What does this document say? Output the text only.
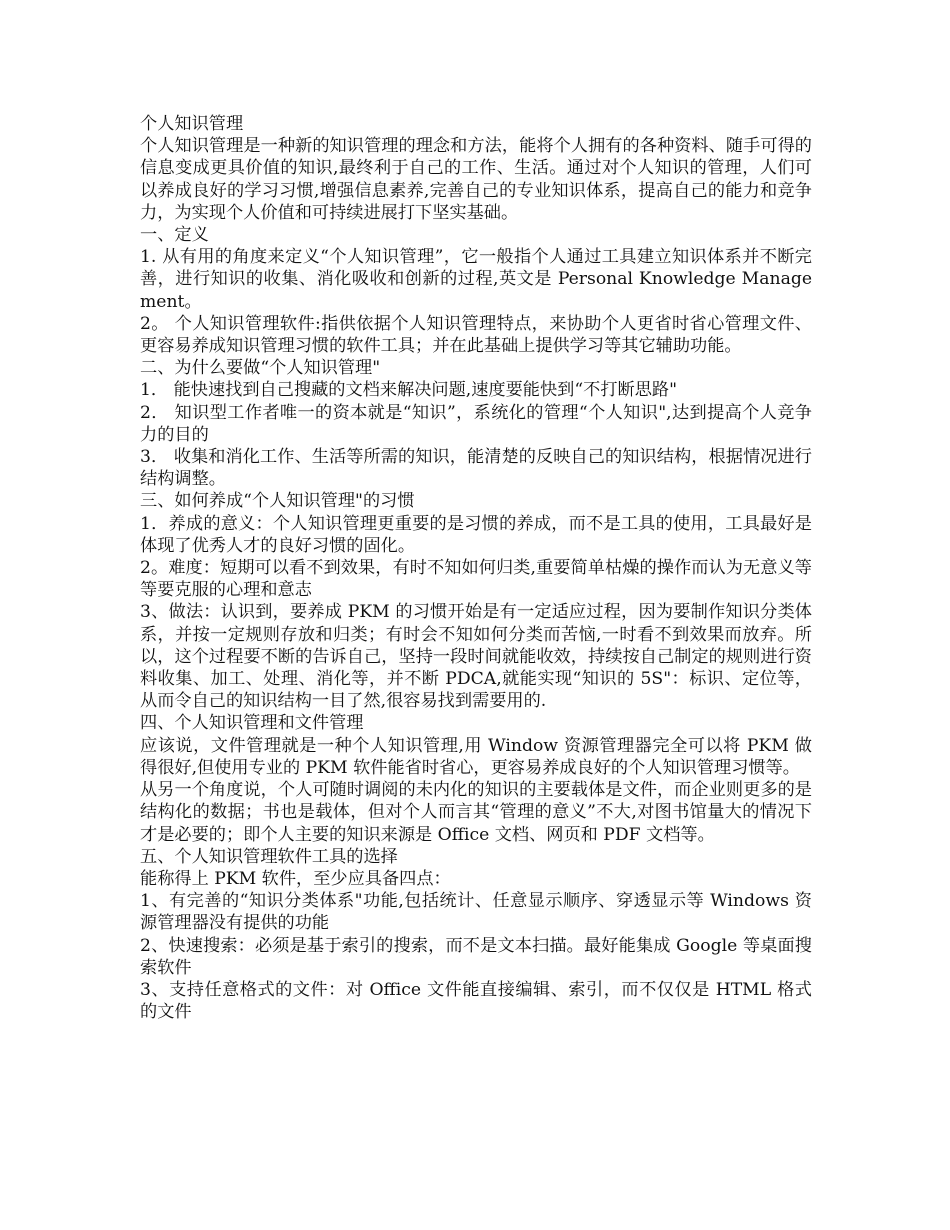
个人知识管理

个人知识管理是一种新的知识管理的理念和方法，能将个人拥有的各种资料、随手可得的信息变成更具价值的知识,最终利于自己的工作、生活。通过对个人知识的管理，人们可以养成良好的学习习惯,增强信息素养,完善自己的专业知识体系，提高自己的能力和竞争力，为实现个人价值和可持续进展打下坚实基础。

一、定义

1. 从有用的角度来定义“个人知识管理”，它一般指个人通过工具建立知识体系并不断完善，进行知识的收集、消化吸收和创新的过程,英文是 Personal Knowledge Management。

2。 个人知识管理软件:指供依据个人知识管理特点，来协助个人更省时省心管理文件、更容易养成知识管理习惯的软件工具；并在此基础上提供学习等其它辅助功能。

二、为什么要做“个人知识管理"

1． 能快速找到自己搜藏的文档来解决问题,速度要能快到“不打断思路"

2． 知识型工作者唯一的资本就是“知识”，系统化的管理“个人知识",达到提高个人竞争力的目的

3． 收集和消化工作、生活等所需的知识，能清楚的反映自己的知识结构，根据情况进行结构调整。

三、如何养成“个人知识管理"的习惯

1．养成的意义：个人知识管理更重要的是习惯的养成，而不是工具的使用，工具最好是体现了优秀人才的良好习惯的固化。

2。难度：短期可以看不到效果，有时不知如何归类,重要简单枯燥的操作而认为无意义等等要克服的心理和意志

3、做法：认识到，要养成 PKM 的习惯开始是有一定适应过程，因为要制作知识分类体系，并按一定规则存放和归类；有时会不知如何分类而苦恼,一时看不到效果而放弃。所以，这个过程要不断的告诉自己，坚持一段时间就能收效，持续按自己制定的规则进行资料收集、加工、处理、消化等，并不断 PDCA,就能实现“知识的 5S"：标识、定位等，从而令自己的知识结构一目了然,很容易找到需要用的.

四、个人知识管理和文件管理

应该说，文件管理就是一种个人知识管理,用 Window 资源管理器完全可以将 PKM 做得很好,但使用专业的 PKM 软件能省时省心，更容易养成良好的个人知识管理习惯等。

从另一个角度说，个人可随时调阅的未内化的知识的主要载体是文件，而企业则更多的是结构化的数据；书也是载体，但对个人而言其“管理的意义”不大,对图书馆量大的情况下才是必要的；即个人主要的知识来源是 Office 文档、网页和 PDF 文档等。

五、个人知识管理软件工具的选择

能称得上 PKM 软件，至少应具备四点：

1、有完善的“知识分类体系"功能,包括统计、任意显示顺序、穿透显示等 Windows 资源管理器没有提供的功能

2、快速搜索：必须是基于索引的搜索，而不是文本扫描。最好能集成 Google 等桌面搜索软件

3、支持任意格式的文件：对 Office 文件能直接编辑、索引，而不仅仅是 HTML 格式的文件
